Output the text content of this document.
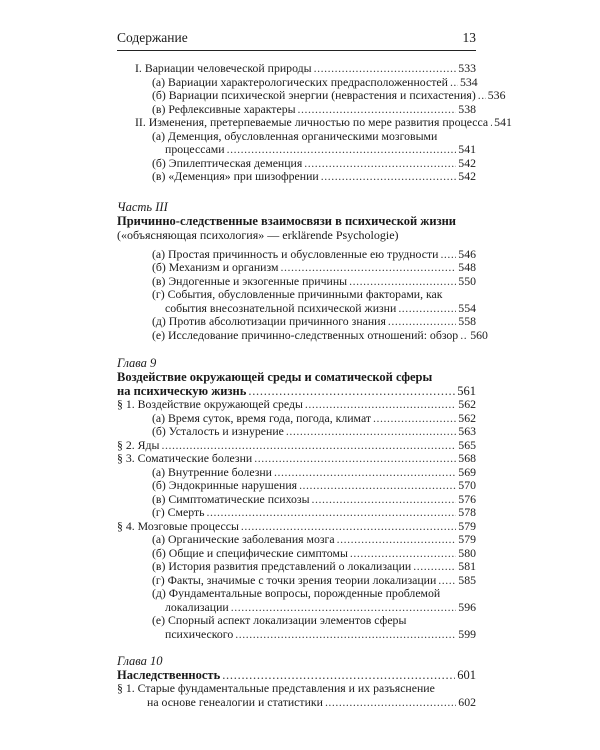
Содержание	13
I. Вариации человеческой природы . . .	533
(а) Вариации характерологических предрасположенностей . . . 534
(б) Вариации психической энергии (неврастения и психастения) . . . 536
(в) Рефлексивные характеры . . .	538
II. Изменения, претерпеваемые личностью по мере развития процесса . . . 541
(а) Деменция, обусловленная органическими мозговыми
процессами . . .	541
(б) Эпилептическая деменция . . .	542
(в) «Деменция» при шизофрении . . .	542
Часть III
Причинно-следственные взаимосвязи в психической жизни
(«объясняющая психология» — erklärende Psychologie)
(а) Простая причинность и обусловленные ею трудности . . . 546
(б) Механизм и организм . . .	548
(в) Эндогенные и экзогенные причины . . .	550
(г) События, обусловленные причинными факторами, как
события внесознательной психической жизни . . .	554
(д) Против абсолютизации причинного знания . . .	558
(е) Исследование причинно-следственных отношений: обзор . . . 560
Глава 9
Воздействие окружающей среды и соматической сферы
на психическую жизнь . . .	561
§ 1. Воздействие окружающей среды . . .	562
(а) Время суток, время года, погода, климат . . .	562
(б) Усталость и изнурение . . .	563
§ 2. Яды . . .	565
§ 3. Соматические болезни . . .	568
(а) Внутренние болезни . . .	569
(б) Эндокринные нарушения . . .	570
(в) Симптоматические психозы . . .	576
(г) Смерть . . .	578
§ 4. Мозговые процессы . . .	579
(а) Органические заболевания мозга . . .	579
(б) Общие и специфические симптомы . . .	580
(в) История развития представлений о локализации . . .	581
(г) Факты, значимые с точки зрения теории локализации . . . 585
(д) Фундаментальные вопросы, порожденные проблемой
локализации . . .	596
(е) Спорный аспект локализации элементов сферы
психического . . .	599
Глава 10
Наследственность . . .	601
§ 1. Старые фундаментальные представления и их разъяснение
на основе генеалогии и статистики . . .	602
